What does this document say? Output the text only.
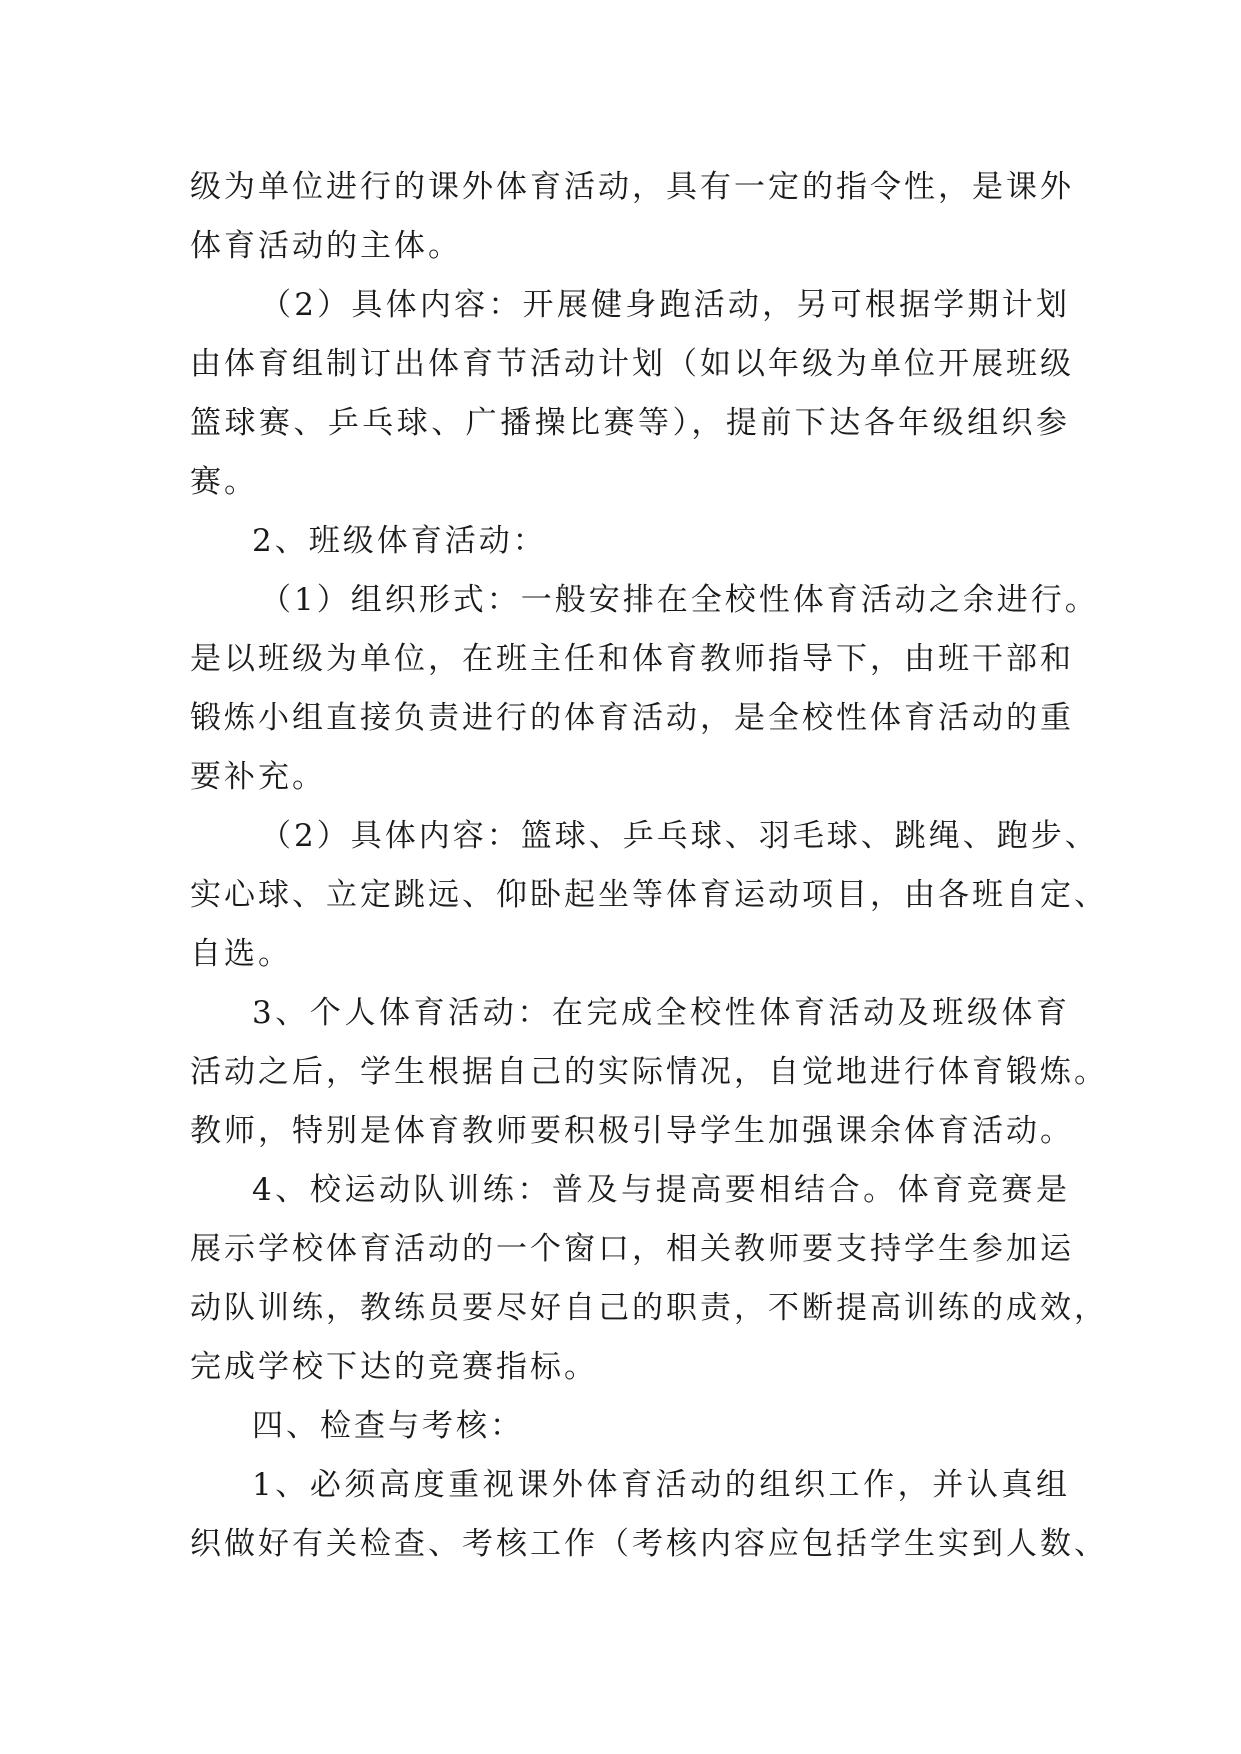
级为单位进行的课外体育活动，具有一定的指令性，是课外
体育活动的主体。
（2）具体内容：开展健身跑活动，另可根据学期计划
由体育组制订出体育节活动计划（如以年级为单位开展班级
篮球赛、乒乓球、广播操比赛等），提前下达各年级组织参
赛。
2、班级体育活动：
（1）组织形式：一般安排在全校性体育活动之余进行。
是以班级为单位，在班主任和体育教师指导下，由班干部和
锻炼小组直接负责进行的体育活动，是全校性体育活动的重
要补充。
（2）具体内容：篮球、乒乓球、羽毛球、跳绳、跑步、
实心球、立定跳远、仰卧起坐等体育运动项目，由各班自定、
自选。
3、个人体育活动：在完成全校性体育活动及班级体育
活动之后，学生根据自己的实际情况，自觉地进行体育锻炼。
教师，特别是体育教师要积极引导学生加强课余体育活动。
4、校运动队训练：普及与提高要相结合。体育竞赛是
展示学校体育活动的一个窗口，相关教师要支持学生参加运
动队训练，教练员要尽好自己的职责，不断提高训练的成效，
完成学校下达的竞赛指标。
四、检查与考核：
1、必须高度重视课外体育活动的组织工作，并认真组
织做好有关检查、考核工作（考核内容应包括学生实到人数、
